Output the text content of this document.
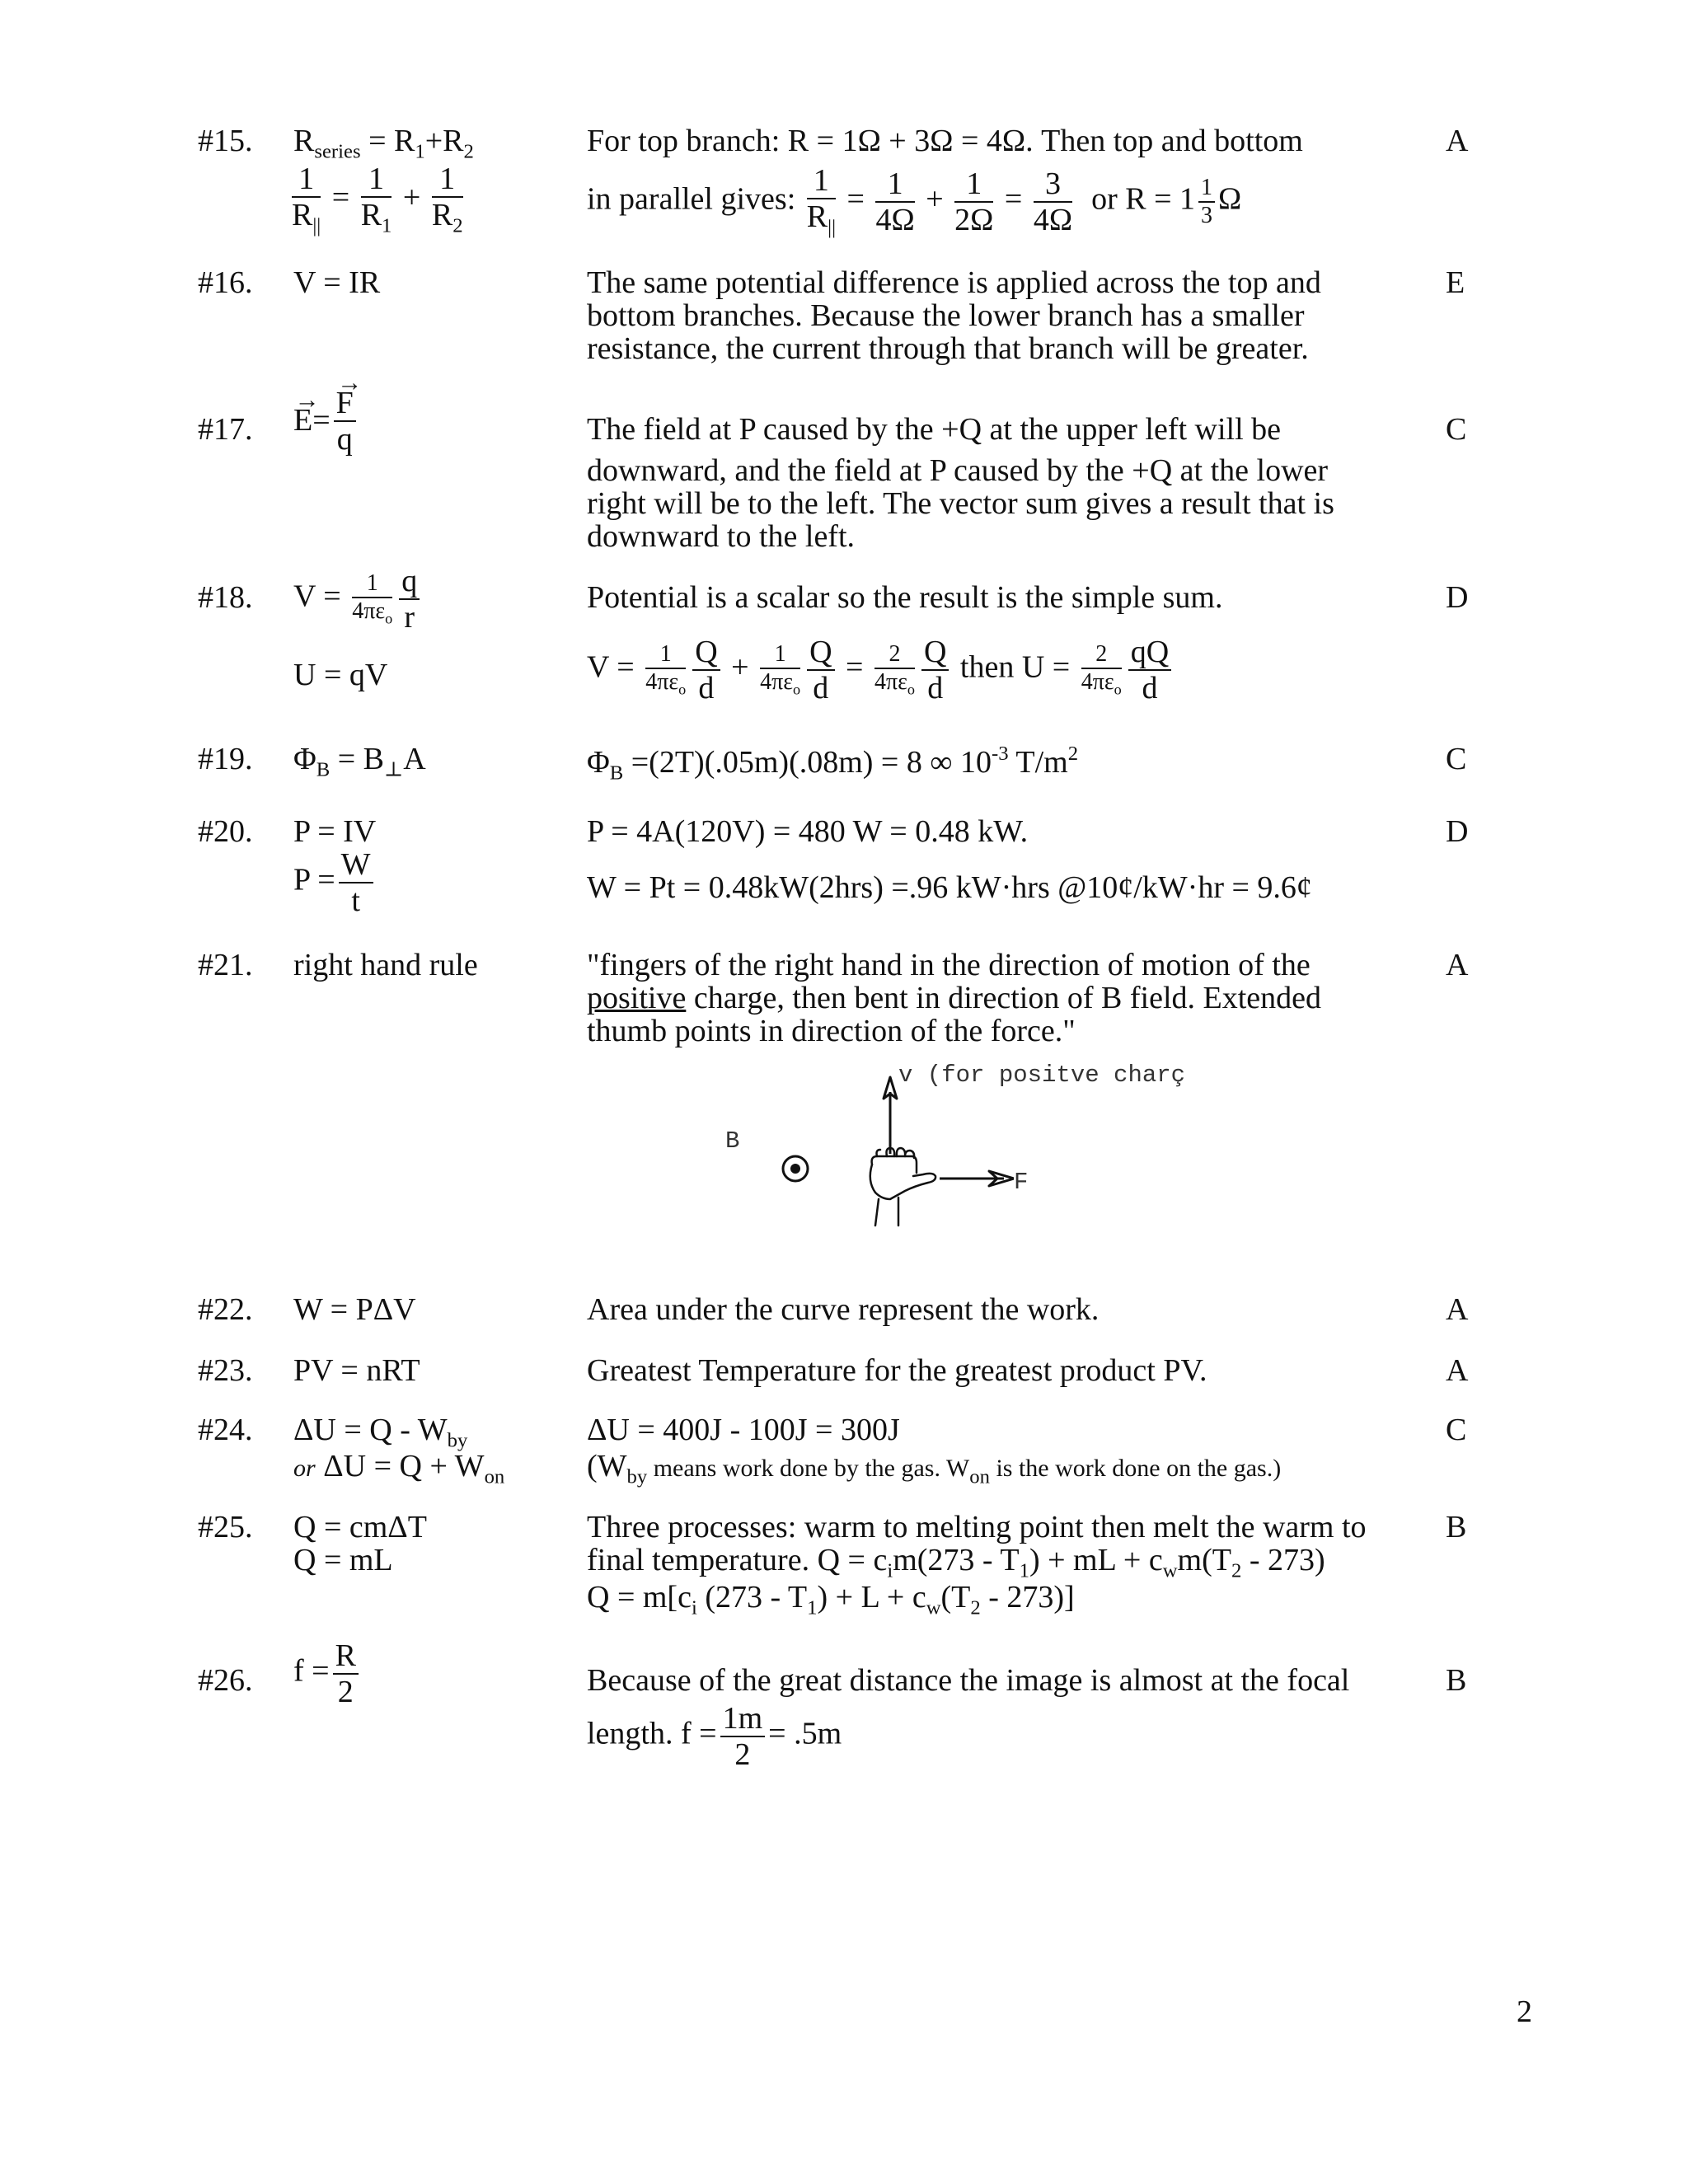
#15. $R_{series} = R_1+R_2$
$\frac{1}{R_{||}} = \frac{1}{R_1} + \frac{1}{R_2}$
For top branch: R = 1Ω + 3Ω = 4Ω. Then top and bottom
in parallel gives: $\frac{1}{R_{||}} = \frac{1}{4\Omega} + \frac{1}{2\Omega} = \frac{3}{4\Omega}$ or $R = 1 \frac{1}{3}$ Ω
A
#16. V = IR	The same potential difference is applied across the top and
bottom branches. Because the lower branch has a smaller
resistance, the current through that branch will be greater.
E
#17.
→ E=
→ $\frac{F}{q}$	The field at P caused by the +Q at the upper left will be
downward, and the field at P caused by the +Q at the lower
right will be to the left. The vector sum gives a result that is
downward to the left.
C
#18. $V = \frac{1}{4\pi\varepsilon_o} \frac{q}{r}$
U = qV
Potential is a scalar so the result is the simple sum.
$V = \frac{1}{4\pi\varepsilon_o} \frac{Q}{d} + \frac{1}{4\pi\varepsilon_o} \frac{Q}{d} = \frac{2}{4\pi\varepsilon_o} \frac{Q}{d}$ then $U = \frac{2}{4\pi\varepsilon_o} \frac{qQ}{d}$
D
#19. $\Phi_B = B_\perp A$	$\Phi_B =(2T)(.05m)(.08m) = 8$ ∞ $10^{-3}$ $T/m^2$	C
#20. P = IV
$P = \frac{W}{t}$
P = 4A(120V) = 480 W = 0.48 kW.
W = Pt = 0.48kW(2hrs) =.96 kW·hrs @10¢/kW·hr = 9.6¢
D
#21. right hand rule	"fingers of the right hand in the direction of motion of the
positive charge, then bent in direction of B field. Extended
thumb points in direction of the force."
A
v (for positve charç
B
F
#22. W = PΔV	Area under the curve represent the work.	A
#23. PV = nRT	Greatest Temperature for the greatest product PV.	A
#24. $\Delta U = Q - W_{by}$
or $\Delta U = Q + W_{on}$
ΔU = 400J - 100J = 300J
($W_{by}$ means work done by the gas. $W_{on}$ is the work done on the gas.)
C
#25. Q = cmΔT
Q = mL
Three processes: warm to melting point then melt the warm to
final temperature. $Q = c_im(273 - T_1)$ + mL + $c_wm(T_2 - 273)$
$Q = m[c_i$ $(273 - T_1) + L + c_w(T_2 - 273)$]
B
#26. $f = \frac{R}{2}$	Because of the great distance the image is almost at the focal
length. $f = \frac{1m}{2} = .5m$
B
2
